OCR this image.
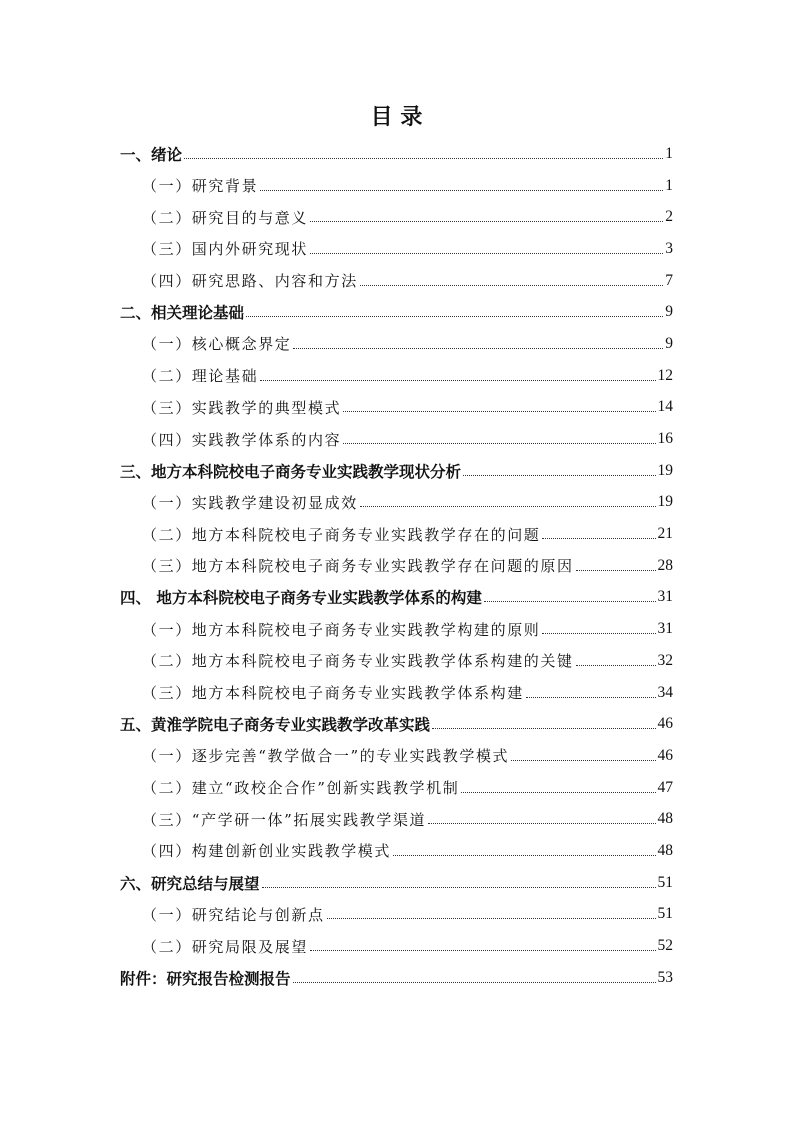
目 录
一、绪论	1
（一）研究背景	1
（二）研究目的与意义	2
（三）国内外研究现状	3
（四）研究思路、内容和方法	7
二、相关理论基础	9
（一）核心概念界定	9
（二）理论基础	12
（三）实践教学的典型模式	14
（四）实践教学体系的内容	16
三、地方本科院校电子商务专业实践教学现状分析	19
（一）实践教学建设初显成效	19
（二）地方本科院校电子商务专业实践教学存在的问题	21
（三）地方本科院校电子商务专业实践教学存在问题的原因	28
四、 地方本科院校电子商务专业实践教学体系的构建	31
（一）地方本科院校电子商务专业实践教学构建的原则	31
（二）地方本科院校电子商务专业实践教学体系构建的关键	32
（三）地方本科院校电子商务专业实践教学体系构建	34
五、黄淮学院电子商务专业实践教学改革实践	46
（一）逐步完善“教学做合一”的专业实践教学模式	46
（二）建立“政校企合作”创新实践教学机制	47
（三）“产学研一体”拓展实践教学渠道	48
（四）构建创新创业实践教学模式	48
六、研究总结与展望	51
（一）研究结论与创新点	51
（二）研究局限及展望	52
附件：研究报告检测报告	53
